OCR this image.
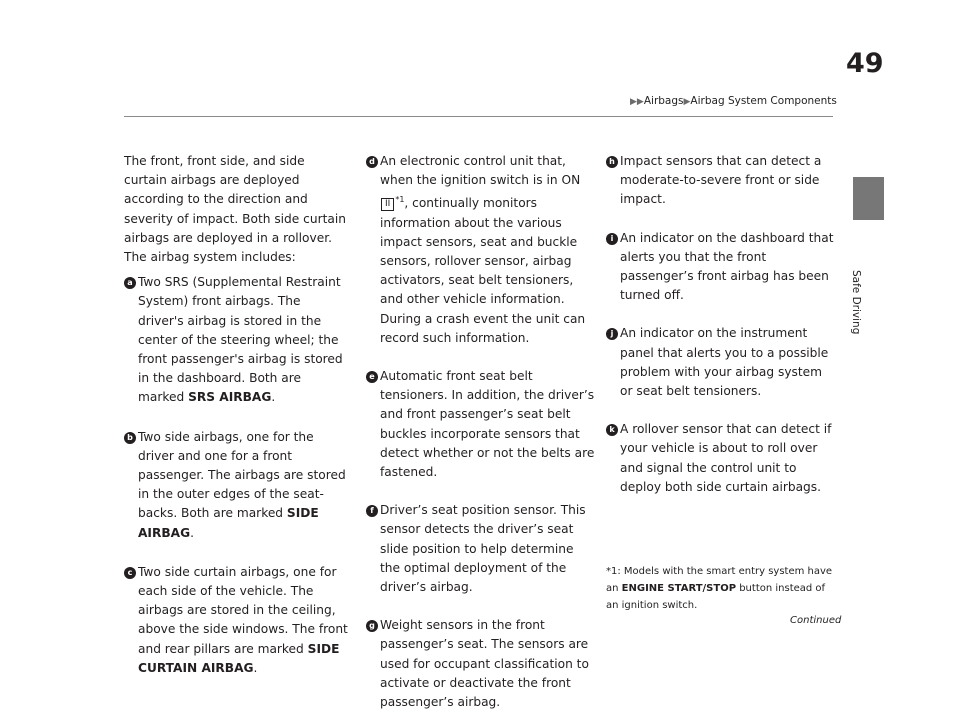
▶▶Airbags▶Airbag System Components
49
Safe Driving

The front, front side, and side curtain airbags are deployed according to the direction and severity of impact. Both side curtain airbags are deployed in a rollover. The airbag system includes:

a Two SRS (Supplemental Restraint System) front airbags. The driver's airbag is stored in the center of the steering wheel; the front passenger's airbag is stored in the dashboard. Both are marked SRS AIRBAG.

b Two side airbags, one for the driver and one for a front passenger. The airbags are stored in the outer edges of the seat-backs. Both are marked SIDE AIRBAG.

c Two side curtain airbags, one for each side of the vehicle. The airbags are stored in the ceiling, above the side windows. The front and rear pillars are marked SIDE CURTAIN AIRBAG.

d An electronic control unit that, when the ignition switch is in ON II $^{*1}$, continually monitors information about the various impact sensors, seat and buckle sensors, rollover sensor, airbag activators, seat belt tensioners, and other vehicle information. During a crash event the unit can record such information.

e Automatic front seat belt tensioners. In addition, the driver’s and front passenger’s seat belt buckles incorporate sensors that detect whether or not the belts are fastened.

f Driver’s seat position sensor. This sensor detects the driver’s seat slide position to help determine the optimal deployment of the driver’s airbag.

g Weight sensors in the front passenger’s seat. The sensors are used for occupant classification to activate or deactivate the front passenger’s airbag.

h Impact sensors that can detect a moderate-to-severe front or side impact.

i An indicator on the dashboard that alerts you that the front passenger’s front airbag has been turned off.

j An indicator on the instrument panel that alerts you to a possible problem with your airbag system or seat belt tensioners.

k A rollover sensor that can detect if your vehicle is about to roll over and signal the control unit to deploy both side curtain airbags.

*1: Models with the smart entry system have an ENGINE START/STOP button instead of an ignition switch.
Continued
